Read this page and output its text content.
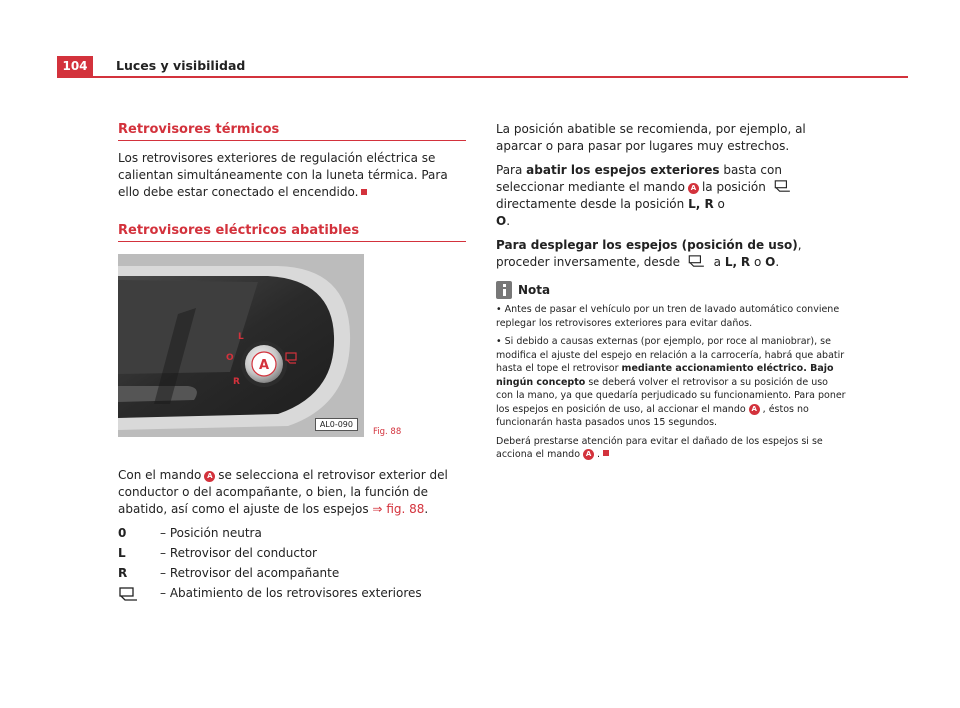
104	Luces y visibilidad
Retrovisores térmicos

Los retrovisores exteriores de regulación eléctrica se calientan simultáneamente con la luneta térmica. Para ello debe estar conectado el encendido.

Retrovisores eléctricos abatibles
A
L
O
R
AL0-090
Fig. 88

Con el mando A se selecciona el retrovisor exterior del conductor o del acompañante, o bien, la función de abatido, así como el ajuste de los espejos ⇒ fig. 88.

0	– Posición neutra
L	– Retrovisor del conductor
R	– Retrovisor del acompañante
– Abatimiento de los retrovisores exteriores

La posición abatible se recomienda, por ejemplo, al aparcar o para pasar por lugares muy estrechos.

Para abatir los espejos exteriores basta con seleccionar mediante el mando A la posición  directamente desde la posición L, R o
O.

Para desplegar los espejos (posición de uso), proceder inversamente, desde	a L, R o O.

Nota

• Antes de pasar el vehículo por un tren de lavado automático conviene replegar los retrovisores exteriores para evitar daños.

• Si debido a causas externas (por ejemplo, por roce al maniobrar), se modifica el ajuste del espejo en relación a la carrocería, habrá que abatir hasta el tope el retrovisor mediante accionamiento eléctrico. Bajo ningún concepto se deberá volver el retrovisor a su posición de uso con la mano, ya que quedaría perjudicado su funcionamiento. Para poner los espejos en posición de uso, al accionar el mando A , éstos no funcionarán hasta pasados unos 15 segundos.

Deberá prestarse atención para evitar el dañado de los espejos si se acciona el mando A .
